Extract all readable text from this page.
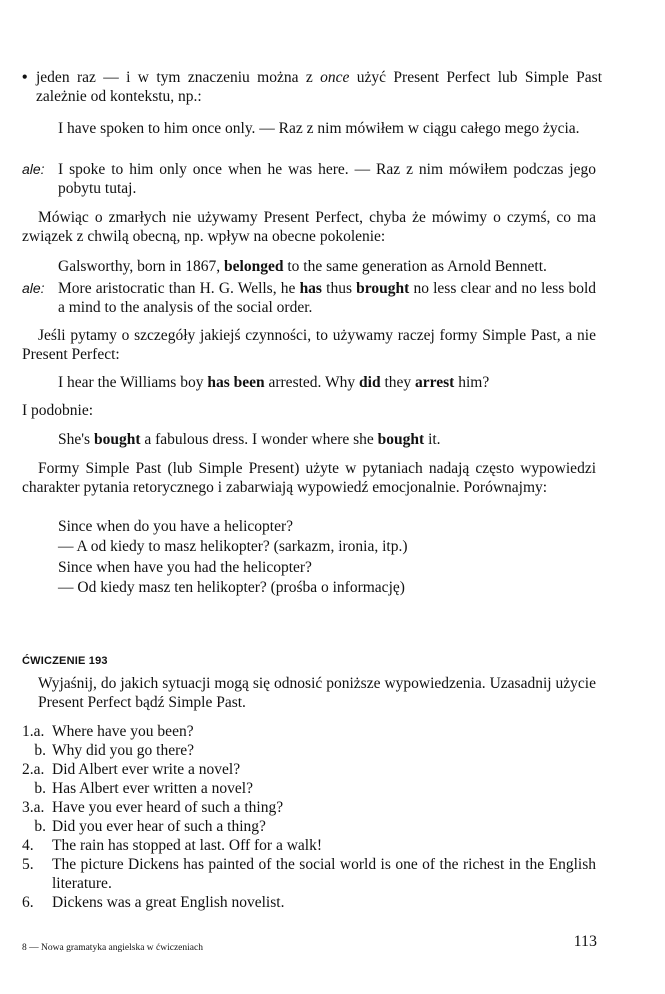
• jeden raz — i w tym znaczeniu można z once użyć Present Perfect lub Simple Past zależnie od kontekstu, np.:
I have spoken to him once only. — Raz z nim mówiłem w ciągu całego mego życia.
ale: I spoke to him only once when he was here. — Raz z nim mówiłem podczas jego pobytu tutaj.
Mówiąc o zmarłych nie używamy Present Perfect, chyba że mówimy o czymś, co ma związek z chwilą obecną, np. wpływ na obecne pokolenie:
Galsworthy, born in 1867, belonged to the same generation as Arnold Bennett.
ale: More aristocratic than H. G. Wells, he has thus brought no less clear and no less bold a mind to the analysis of the social order.
Jeśli pytamy o szczegóły jakiejś czynności, to używamy raczej formy Simple Past, a nie Present Perfect:
I hear the Williams boy has been arrested. Why did they arrest him?
I podobnie:
She's bought a fabulous dress. I wonder where she bought it.
Formy Simple Past (lub Simple Present) użyte w pytaniach nadają często wypowiedzi charakter pytania retorycznego i zabarwiają wypowiedź emocjonalnie. Porównajmy:
Since when do you have a helicopter?
— A od kiedy to masz helikopter? (sarkazm, ironia, itp.)
Since when have you had the helicopter?
— Od kiedy masz ten helikopter? (prośba o informację)
ĆWICZENIE 193
Wyjaśnij, do jakich sytuacji mogą się odnosić poniższe wypowiedzenia. Uzasadnij użycie Present Perfect bądź Simple Past.
1.a. Where have you been?
b. Why did you go there?
2.a. Did Albert ever write a novel?
b. Has Albert ever written a novel?
3.a. Have you ever heard of such a thing?
b. Did you ever hear of such a thing?
4.	The rain has stopped at last. Off for a walk!
5.	The picture Dickens has painted of the social world is one of the richest in the English literature.
6.	Dickens was a great English novelist.
8 — Nowa gramatyka angielska w ćwiczeniach	113
